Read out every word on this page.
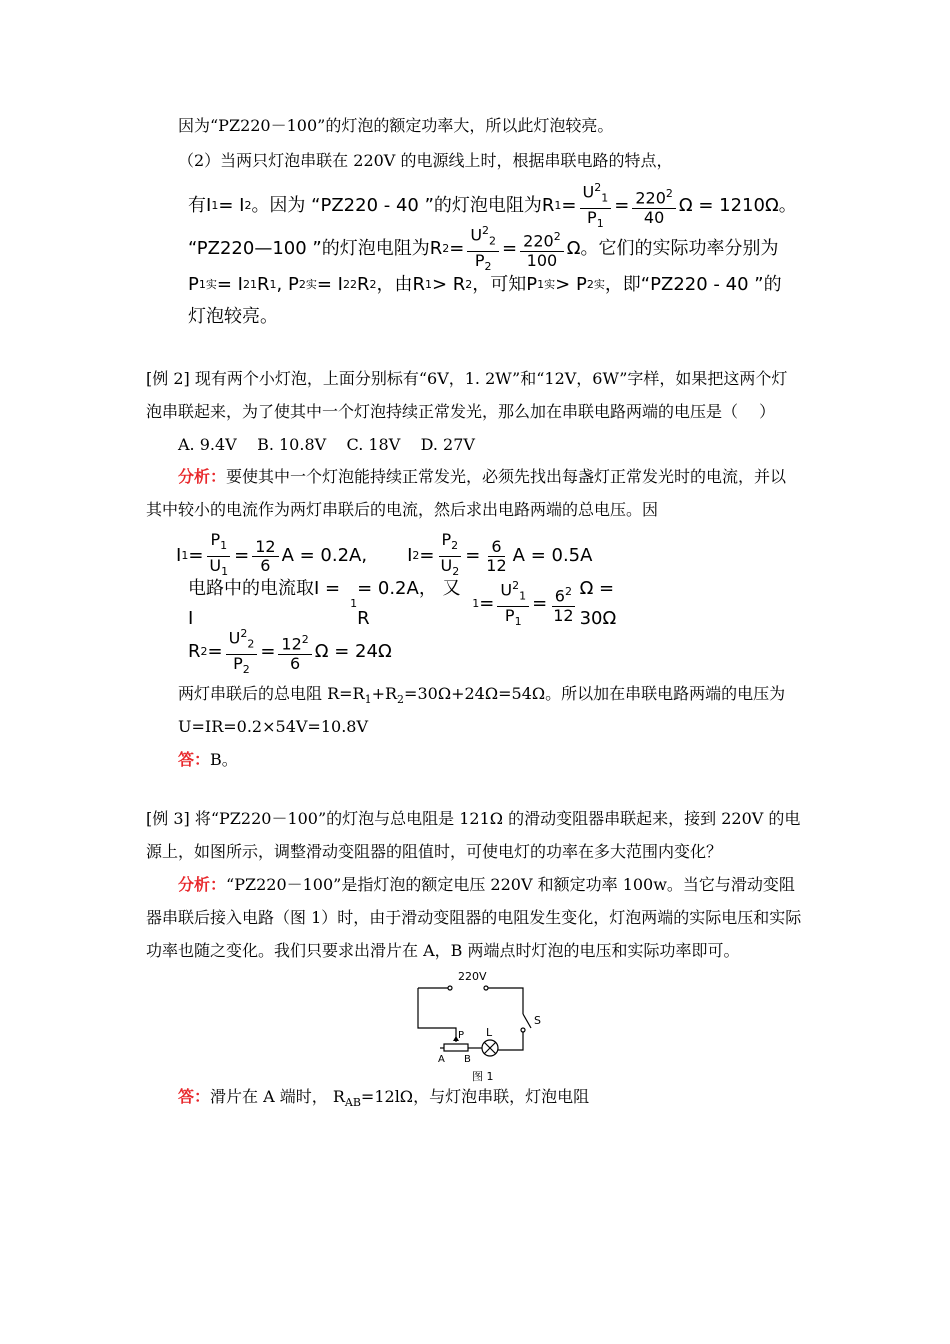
因为“PZ220－100”的灯泡的额定功率大，所以此灯泡较亮。
（2）当两只灯泡串联在 220V 的电源线上时，根据串联电路的特点，
有I 1 = I 2 。因为 “PZ220 - 40 ”的灯泡电阻为R $1 = \frac{U^2_1}{P_1} = \frac{220^2}{40}$ Ω = 1210Ω。
“PZ220—100 ”的灯泡电阻为R $2 = \frac{U^2_2}{P_2} = \frac{220^2}{100}$ Ω。它们的实际功率分别为
P 1实 = I 2 1 R 1 , P 2实 = I 2 2 R 2 ，由R 1 > R 2 ，可知P 1实 > P 2实 ，即“PZ220 - 40 ”的
灯泡较亮。
[例 2] 现有两个小灯泡，上面分别标有“6V，1. 2W”和“12V，6W”字样，如果把这两个灯
泡串联起来，为了使其中一个灯泡持续正常发光，那么加在串联电路两端的电压是（　 ）
A. 9.4V    B. 10.8V    C. 18V    D. 27V
分析：要使其中一个灯泡能持续正常发光，必须先找出每盏灯正常发光时的电流，并以
其中较小的电流作为两灯串联后的电流，然后求出电路两端的总电压。因
I $1 = \frac{P_1}{U_1} = \frac{12}{6}$ A = 0.2A, I $2 = \frac{P_2}{U_2} = \frac{6}{12}$ A = 0.5A
电路中的电流取I = I
1
= 0.2A， 又R
$1 = \frac{U^2_1}{P_1} = \frac{6^2}{12}$ Ω = 30Ω
R $2 = \frac{U^2_2}{P_2} = \frac{12^2}{6}$ Ω = 24Ω
两灯串联后的总电阻 $R=R_1+R_2=30\Omega+24\Omega=54\Omega$。所以加在串联电路两端的电压为
U=IR=0.2×54V=10.8V
答：B。
[例 3] 将“PZ220－100”的灯泡与总电阻是 121Ω 的滑动变阻器串联起来，接到 220V 的电
源上，如图所示，调整滑动变阻器的阻值时，可使电灯的功率在多大范围内变化？
分析：“PZ220－100”是指灯泡的额定电压 220V 和额定功率 100w。当它与滑动变阻
器串联后接入电路（图 1）时，由于滑动变阻器的电阻发生变化，灯泡两端的实际电压和实际
功率也随之变化。我们只要求出滑片在 A，B 两端点时灯泡的电压和实际功率即可。
220V
S
P L
A B
图 1
答：滑片在 A 端时， $R_{AB}=12l\Omega$，与灯泡串联，灯泡电阻
